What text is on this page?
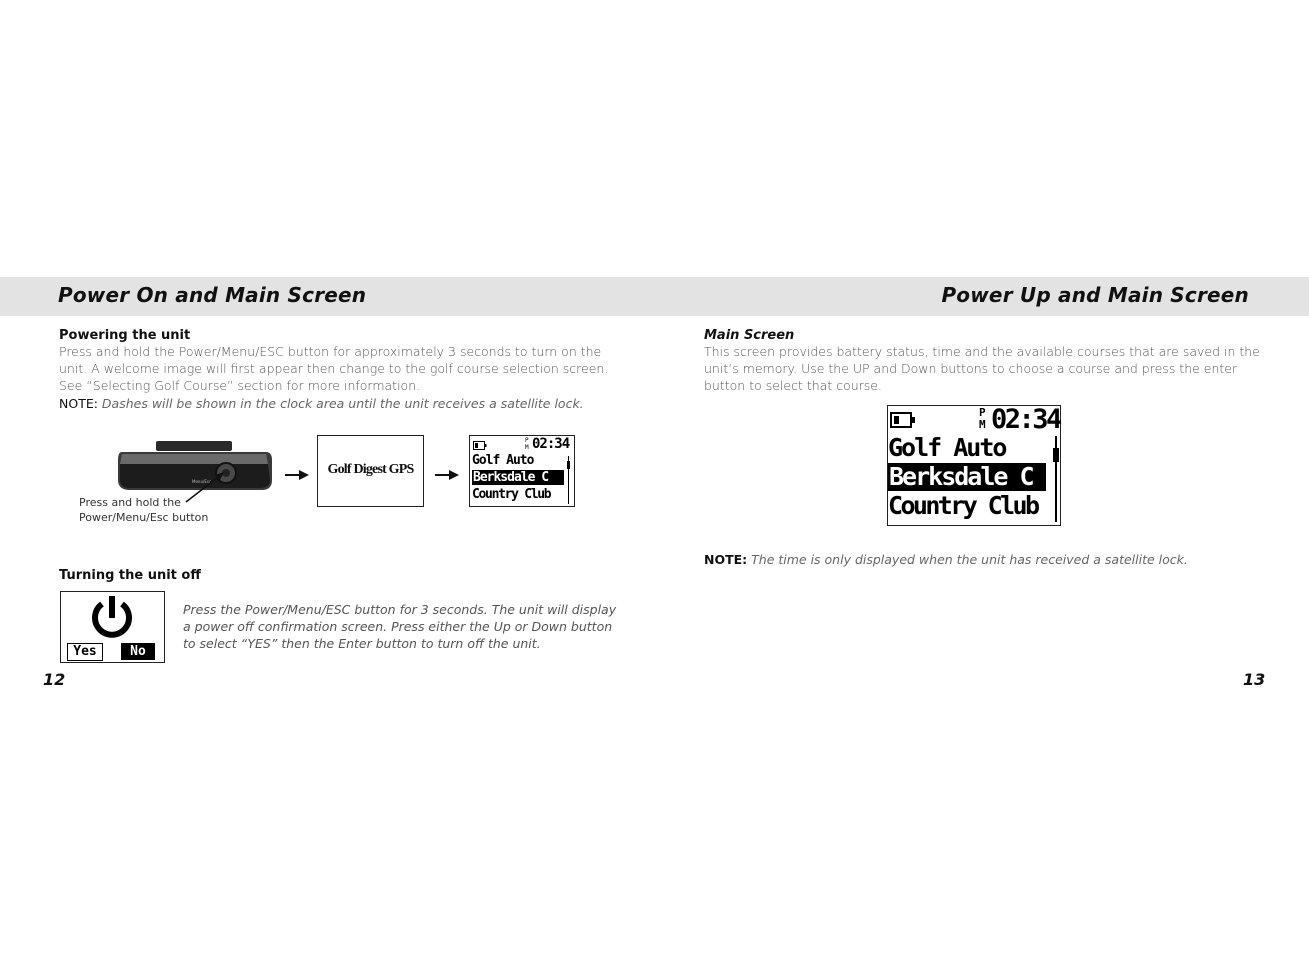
Power On and Main Screen	Power Up and Main Screen
Powering the unit

Press and hold the Power/Menu/ESC button for approximately 3 seconds to turn on the

unit. A welcome image will first appear then change to the golf course selection screen.

See “Selecting Golf Course” section for more information.

NOTE: Dashes will be shown in the clock area until the unit receives a satellite lock.

Menu/Esc
Press and hold the
Power/Menu/Esc button
Golf Digest GPS
P
M 02:34
Golf Auto
Berksdale C
Country Club
Turning the unit off
Yes	No

Press the Power/Menu/ESC button for 3 seconds. The unit will display

a power off confirmation screen. Press either the Up or Down button

to select “YES” then the Enter button to turn off the unit.

12
Main Screen

This screen provides battery status, time and the available courses that are saved in the

unit’s memory. Use the UP and Down buttons to choose a course and press the enter

button to select that course.

P
M 02:34
Golf Auto
Berksdale C
Country Club
NOTE: The time is only displayed when the unit has received a satellite lock.
13
